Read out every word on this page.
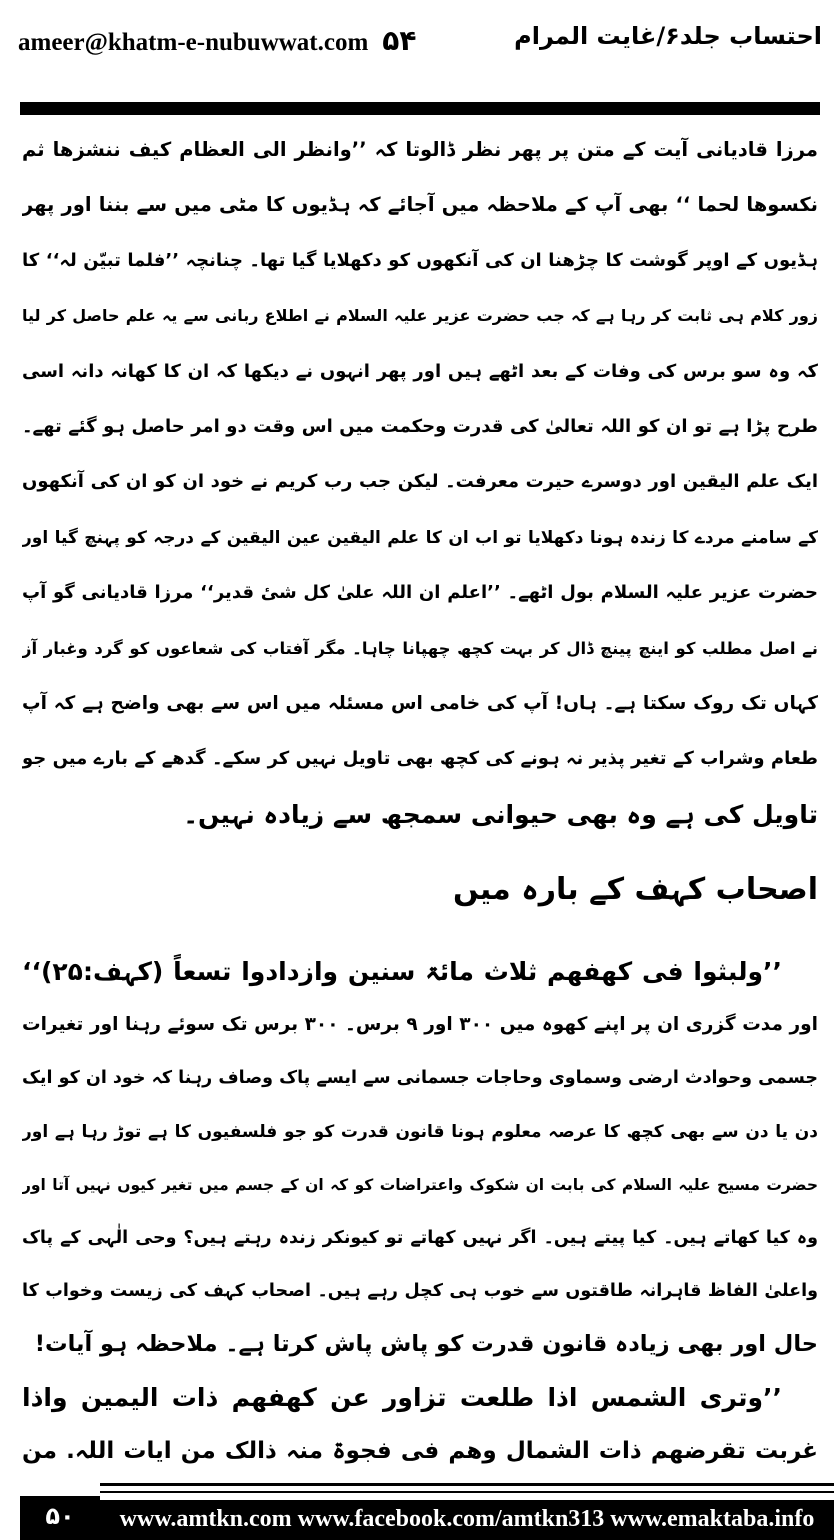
ameer@khatm-e-nubuwwat.com ۵۴	احتساب جلد۶/غایت المرام
مرزا قادیانی آیت کے متن پر پھر نظر ڈالوتا کہ ’’وانظر الی العظام کیف ننشزھا ثم
نکسوھا لحما ‘‘ بھی آپ کے ملاحظہ میں آجائے کہ ہڈیوں کا مٹی میں سے بننا اور پھر
ہڈیوں کے اوپر گوشت کا چڑھنا ان کی آنکھوں کو دکھلایا گیا تھا۔ چنانچہ ’’فلما تبیّن لہ‘‘ کا
زور کلام ہی ثابت کر رہا ہے کہ جب حضرت عزیر علیہ السلام نے اطلاع ربانی سے یہ علم حاصل کر لیا
کہ وہ سو برس کی وفات کے بعد اٹھے ہیں اور پھر انہوں نے دیکھا کہ ان کا کھانہ دانہ اسی
طرح پڑا ہے تو ان کو اللہ تعالیٰ کی قدرت وحکمت میں اس وقت دو امر حاصل ہو گئے تھے۔
ایک علم الیقین اور دوسرے حیرت معرفت۔ لیکن جب رب کریم نے خود ان کو ان کی آنکھوں
کے سامنے مردے کا زندہ ہونا دکھلایا تو اب ان کا علم الیقین عین الیقین کے درجہ کو پہنچ گیا اور
حضرت عزیر علیہ السلام بول اٹھے۔ ’’اعلم ان اللہ علیٰ کل شیٔ قدیر‘‘ مرزا قادیانی گو آپ
نے اصل مطلب کو اینچ پینچ ڈال کر بہت کچھ چھپانا چاہا۔ مگر آفتاب کی شعاعوں کو گرد وغبار آز
کہاں تک روک سکتا ہے۔ ہاں! آپ کی خامی اس مسئلہ میں اس سے بھی واضح ہے کہ آپ
طعام وشراب کے تغیر پذیر نہ ہونے کی کچھ بھی تاویل نہیں کر سکے۔ گدھے کے بارے میں جو
تاویل کی ہے وہ بھی حیوانی سمجھ سے زیادہ نہیں۔
اصحاب کہف کے بارہ میں
’’ولبثوا فی کھفھم ثلاث مائۃ سنین وازدادوا تسعاً (کہف:۲۵)‘‘
اور مدت گزری ان پر اپنے کھوہ میں ۳۰۰ اور ۹ برس۔ ۳۰۰ برس تک سوئے رہنا اور تغیرات
جسمی وحوادث ارضی وسماوی وحاجات جسمانی سے ایسے پاک وصاف رہنا کہ خود ان کو ایک
دن یا دن سے بھی کچھ کا عرصہ معلوم ہونا قانون قدرت کو جو فلسفیوں کا ہے توڑ رہا ہے اور
حضرت مسیح علیہ السلام کی بابت ان شکوک واعتراضات کو کہ ان کے جسم میں تغیر کیوں نہیں آتا اور
وہ کیا کھاتے ہیں۔ کیا پیتے ہیں۔ اگر نہیں کھاتے تو کیونکر زندہ رہتے ہیں؟ وحی الٰہی کے پاک
واعلیٰ الفاظ قاہرانہ طاقتوں سے خوب ہی کچل رہے ہیں۔ اصحاب کہف کی زیست وخواب کا
حال اور بھی زیادہ قانون قدرت کو پاش پاش کرتا ہے۔ ملاحظہ ہو آیات!
’’وتری الشمس اذا طلعت تزاور عن کھفھم ذات الیمین واذا
غربت تقرضھم ذات الشمال وھم فی فجوۃ منہ ذالک من ایات اللہ. من
۵۰	www.amtkn.com www.facebook.com/amtkn313 www.emaktaba.info
